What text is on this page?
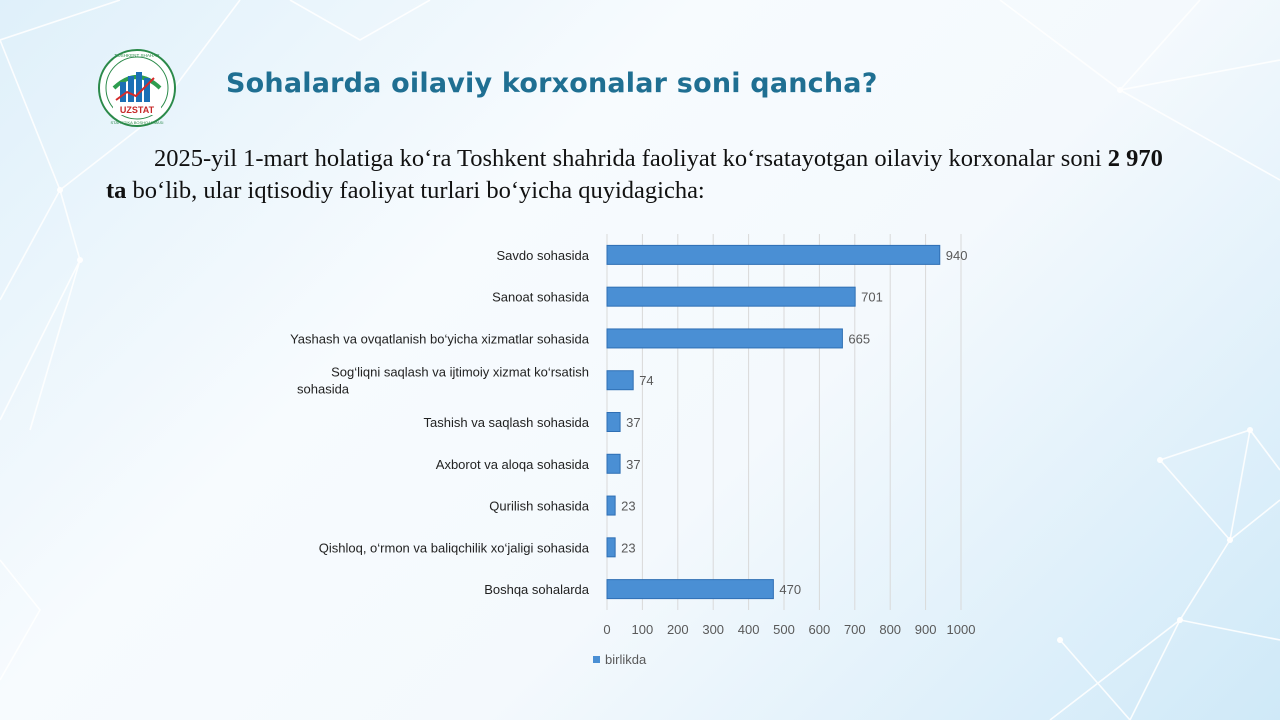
TOSHKENT SHAHAR
STATISTIKA BOSHQARMASI
UZSTAT
Sohalarda oilaviy korxonalar soni qancha?
2025-yil 1-mart holatiga ko‘ra Toshkent shahrida faoliyat ko‘rsatayotgan oilaviy korxonalar soni 2 970 ta bo‘lib, ular iqtisodiy faoliyat turlari bo‘yicha quyidagicha:
0 100 200 300 400 500 600 700 800 900 1000
940
Savdo sohasida
701
Sanoat sohasida
665
Yashash va ovqatlanish bo‘yicha xizmatlar sohasida
74
Sog‘liqni saqlash va ijtimoiy xizmat ko‘rsatish sohasida
37
Tashish va saqlash sohasida
37
Axborot va aloqa sohasida
23
Qurilish sohasida
23
Qishloq, o‘rmon va baliqchilik xo‘jaligi sohasida
470
Boshqa sohalarda
birlikda
